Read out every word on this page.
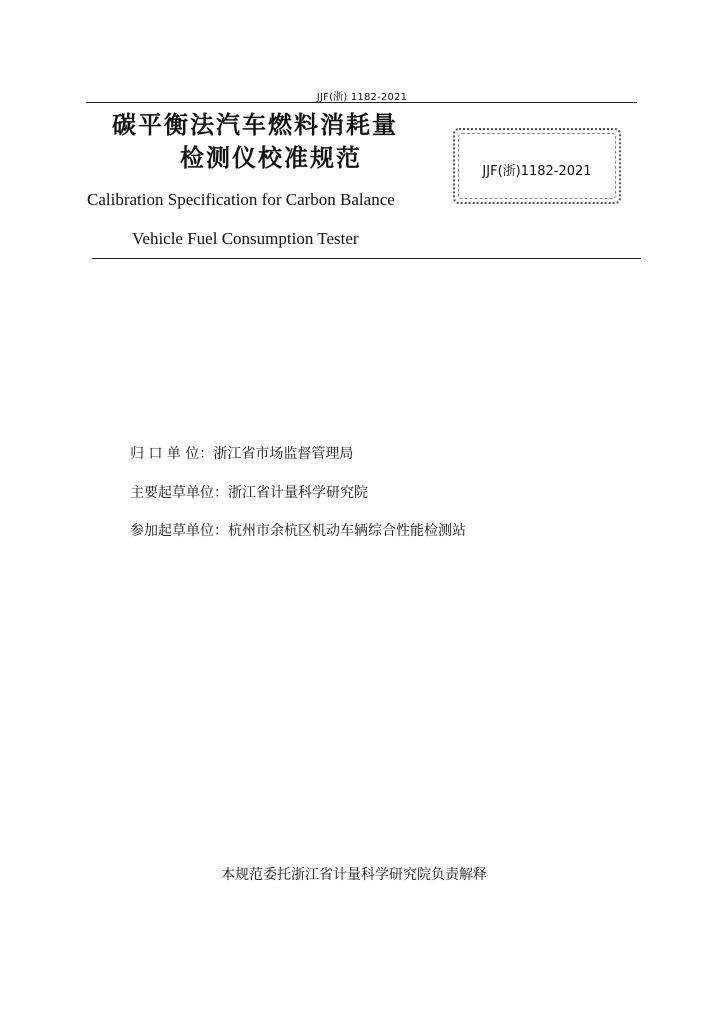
JJF(浙) 1182-2021
碳平衡法汽车燃料消耗量
检测仪校准规范	JJF(浙)1182-2021
Calibration Specification for Carbon Balance
Vehicle Fuel Consumption Tester
归 口 单 位：浙江省市场监督管理局
主要起草单位：浙江省计量科学研究院
参加起草单位：杭州市余杭区机动车辆综合性能检测站
本规范委托浙江省计量科学研究院负责解释
